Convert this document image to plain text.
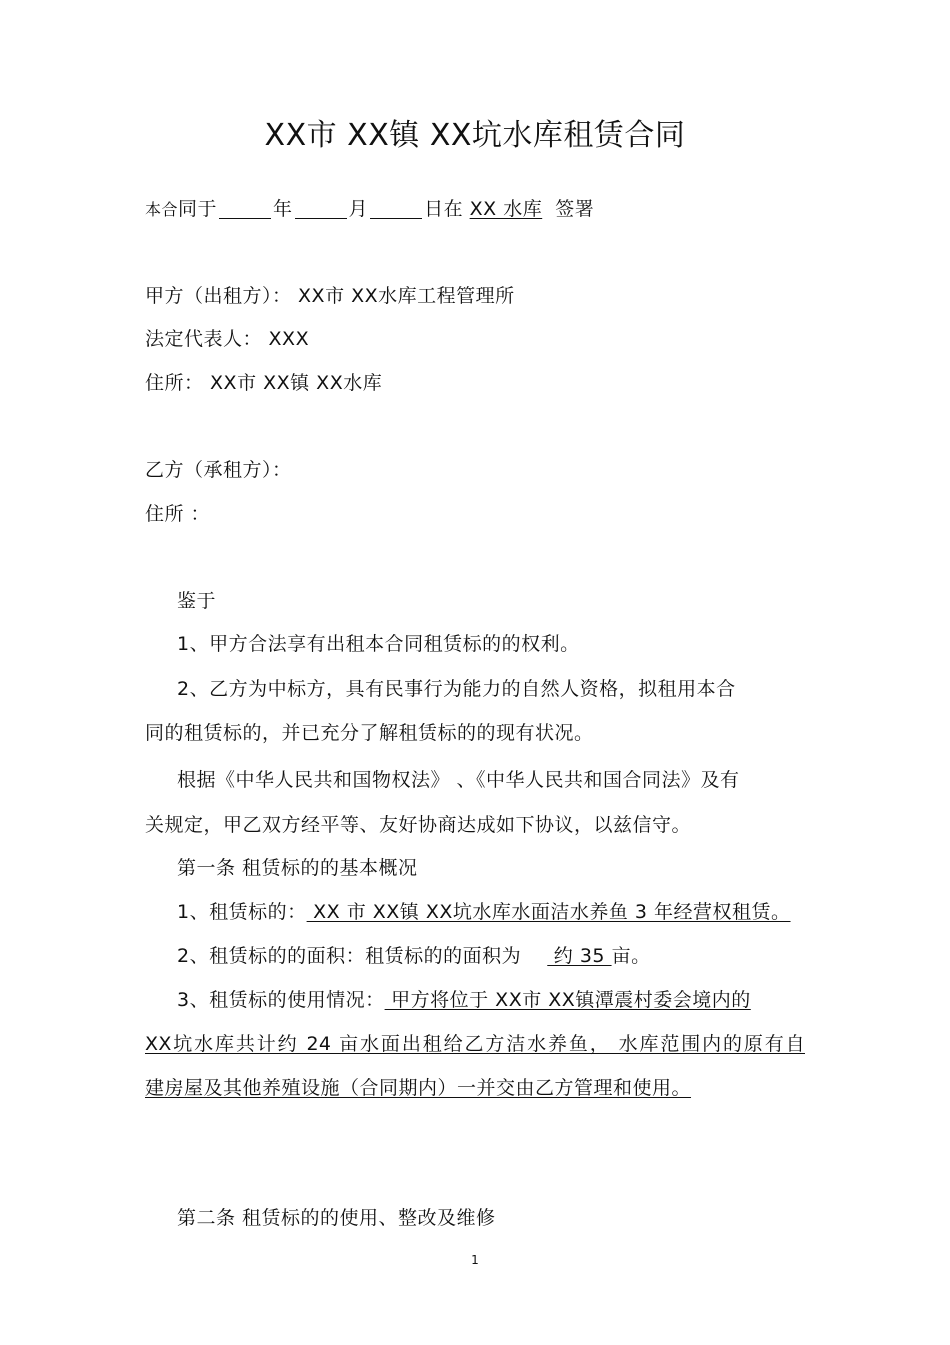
XX市 XX镇 XX坑水库租赁合同
本合同于	年	月	日在 XX 水库 签署
甲方（出租方）： XX市 XX水库工程管理所
法定代表人： XXX
住所： XX市 XX镇 XX水库
乙方（承租方）：
住所 ：
鉴于
1、甲方合法享有出租本合同租赁标的的权利。
2、乙方为中标方，具有民事行为能力的自然人资格，拟租用本合
同的租赁标的，并已充分了解租赁标的的现有状况。
根据《中华人民共和国物权法》 、《中华人民共和国合同法》及有
关规定，甲乙双方经平等、友好协商达成如下协议，以兹信守。
第一条 租赁标的的基本概况
1、租赁标的： XX 市 XX镇 XX坑水库水面洁水养鱼 3 年经营权租赁。
2、租赁标的的面积：租赁标的的面积为     约 35 亩。
3、租赁标的使用情况： 甲方将位于 XX市 XX镇潭震村委会境内的
XX坑水库共计约 24 亩水面出租给乙方洁水养鱼， 水库范围内的原有自
建房屋及其他养殖设施（合同期内）一并交由乙方管理和使用。
第二条 租赁标的的使用、整改及维修
1
